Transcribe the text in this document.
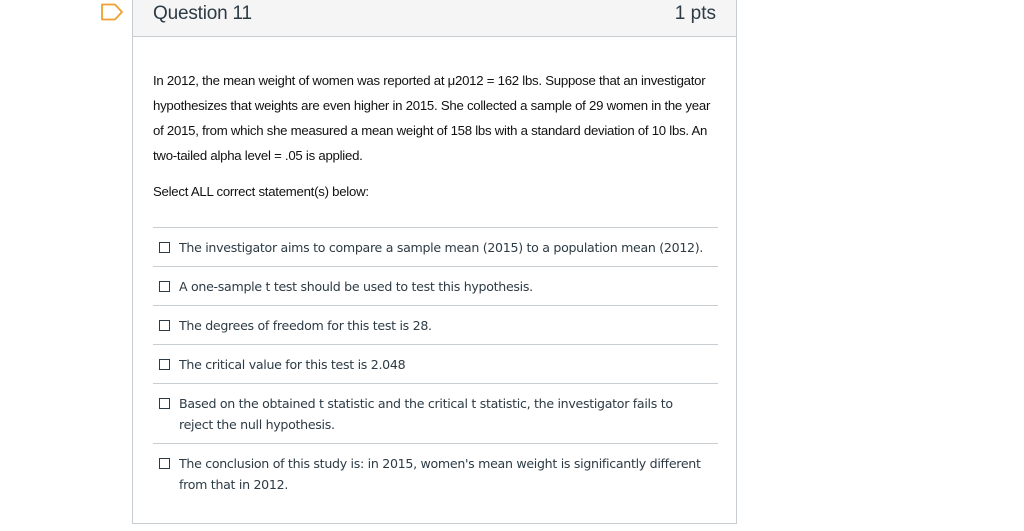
Question 11	1 pts

In 2012, the mean weight of women was reported at μ2012 = 162 lbs. Suppose that an investigator hypothesizes that weights are even higher in 2015. She collected a sample of 29 women in the year of 2015, from which she measured a mean weight of 158 lbs with a standard deviation of 10 lbs. An two-tailed alpha level = .05 is applied.

Select ALL correct statement(s) below:
The investigator aims to compare a sample mean (2015) to a population mean (2012).
A one-sample t test should be used to test this hypothesis.
The degrees of freedom for this test is 28.
The critical value for this test is 2.048
Based on the obtained t statistic and the critical t statistic, the investigator fails to reject the null hypothesis.
The conclusion of this study is: in 2015, women's mean weight is significantly different from that in 2012.
